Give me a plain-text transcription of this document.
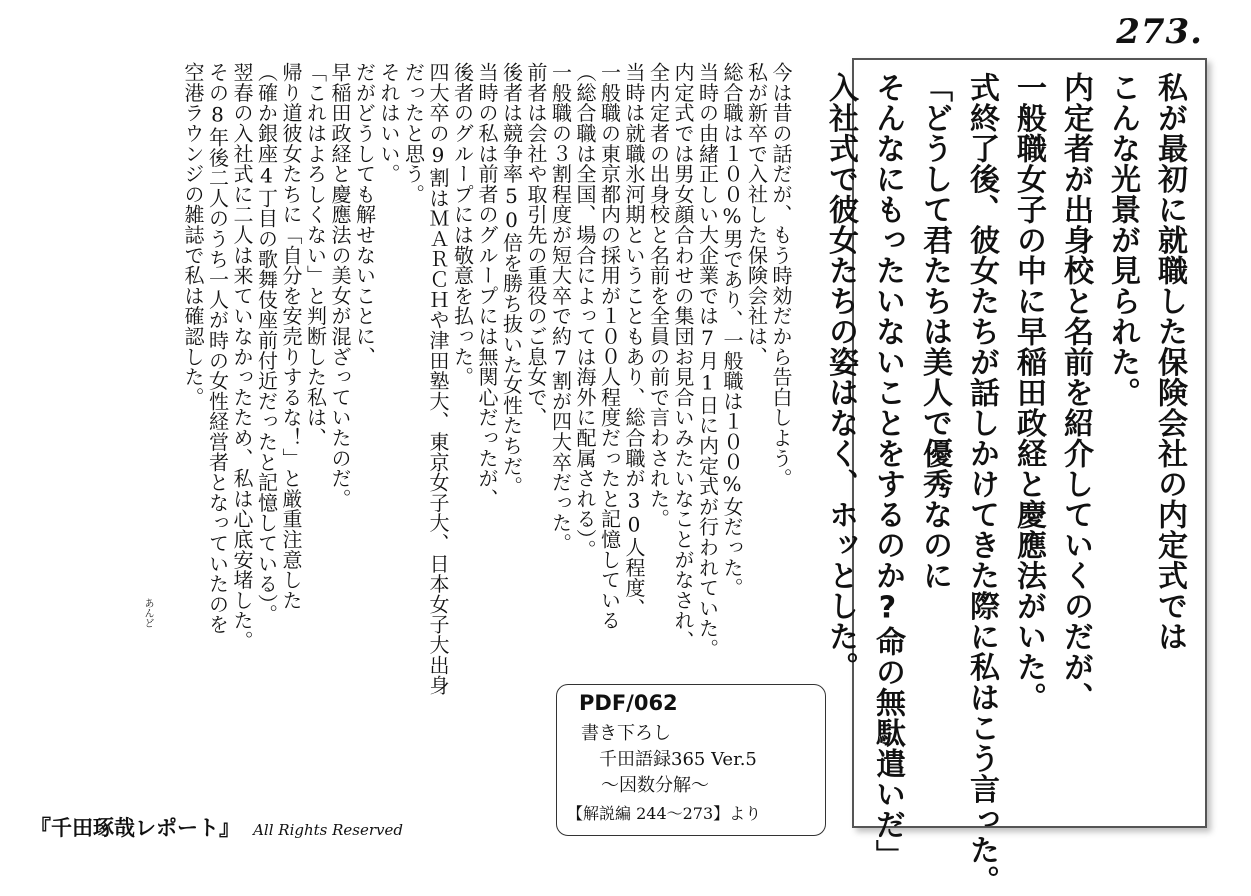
273.
私が最初に就職した保険会社の内定式では
こんな光景が見られた。
内定者が出身校と名前を紹介していくのだが、
一般職女子の中に早稲田政経と慶應法がいた。
式終了後、彼女たちが話しかけてきた際に私はこう言った。
「どうして君たちは美人で優秀なのに
そんなにもったいないことをするのか?命の無駄遣いだ」
入社式で彼女たちの姿はなく、ホッとした。
今は昔の話だが、もう時効だから告白しよう。
私が新卒で入社した保険会社は、
総合職は１００%男であり、一般職は１００%女だった。
当時の由緒正しい大企業では7月1日に内定式が行われていた。
内定式では男女顔合わせの集団お見合いみたいなことがなされ、
全内定者の出身校と名前を全員の前で言わされた。
当時は就職氷河期ということもあり、総合職が30人程度、
一般職の東京都内の採用が１００人程度だったと記憶している
（総合職は全国、場合によっては海外に配属される）。
一般職の３割程度が短大卒で約7割が四大卒だった。
前者は会社や取引先の重役のご息女で、
後者は競争率50倍を勝ち抜いた女性たちだ。
当時の私は前者のグループには無関心だったが、
後者のグループには敬意を払った。
四大卒の9割はＭＡＲＣＨや津田塾大、東京女子大、日本女子大出身
だったと思う。
それはいい。
だがどうしても解せないことに、
早稲田政経と慶應法の美女が混ざっていたのだ。
「これはよろしくない」と判断した私は、
帰り道彼女たちに「自分を安売りするな！」と厳重注意した
（確か銀座4丁目の歌舞伎座前付近だったと記憶している）。
翌春の入社式に二人は来ていなかったため、私は心底安堵した。
その8年後二人のうち一人が時の女性経営者となっていたのを
空港ラウンジの雑誌で私は確認した。
あんど
PDF/062
書き下ろし
千田語録365 Ver.5
〜因数分解〜
【解説編 244〜273】より
『千田琢哉レポート』 All Rights Reserved
